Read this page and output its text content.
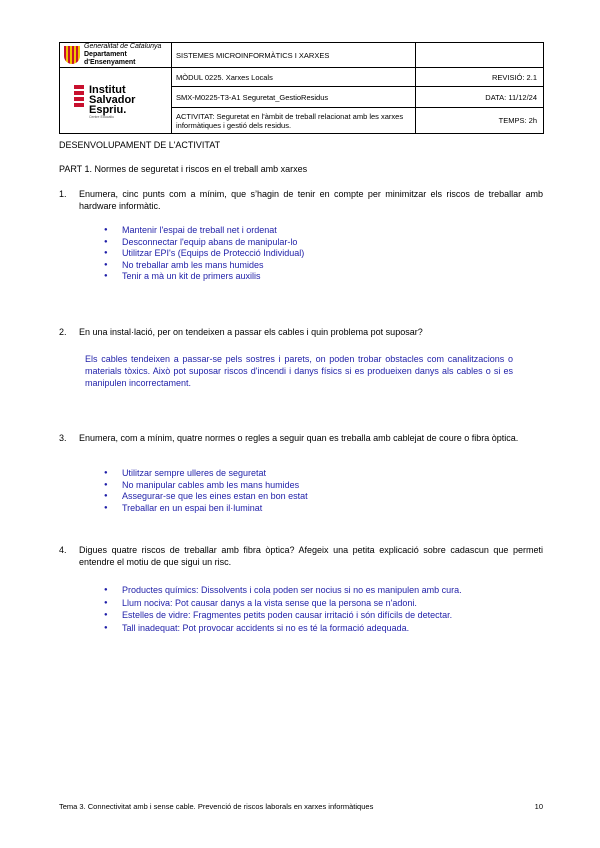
Generalitat de Catalunya
Departament
d'Ensenyament	SISTEMES MICROINFORMÀTICS I XARXES	

Institut
Salvador
Espriu.
Centre Educatiu	MÒDUL 0225. Xarxes Locals	REVISIÓ: 2.1
	SMX-M0225-T3-A1 Seguretat_GestioResidus	DATA: 11/12/24
	ACTIVITAT: Seguretat en l'àmbit de treball relacionat amb les xarxes informàtiques i gestió dels residus.	TEMPS: 2h
DESENVOLUPAMENT DE L'ACTIVITAT
PART 1. Normes de seguretat i riscos en el treball amb xarxes
1.	Enumera, cinc punts com a mínim, que s’hagin de tenir en compte per minimitzar els riscos de treballar amb hardware informàtic.
● Mantenir l'espai de treball net i ordenat
● Desconnectar l'equip abans de manipular-lo
● Utilitzar EPI's (Equips de Protecció Individual)
● No treballar amb les mans humides
● Tenir a mà un kit de primers auxilis
2.	En una instal·lació, per on tendeixen a passar els cables i quin problema pot suposar?
Els cables tendeixen a passar-se pels sostres i parets, on poden trobar obstacles com canalitzacions o materials tòxics. Això pot suposar riscos d'incendi i danys físics si es produeixen danys als cables o si es manipulen incorrectament.
3.	Enumera, com a mínim, quatre normes o regles a seguir quan es treballa amb cablejat de coure o fibra òptica.
● Utilitzar sempre ulleres de seguretat
● No manipular cables amb les mans humides
● Assegurar-se que les eines estan en bon estat
● Treballar en un espai ben il·luminat
4.	Digues quatre riscos de treballar amb fibra òptica? Afegeix una petita explicació sobre cadascun que permeti entendre el motiu de que sigui un risc.
● Productes químics: Dissolvents i cola poden ser nocius si no es manipulen amb cura.
● Llum nociva: Pot causar danys a la vista sense que la persona se n'adoni.
● Estelles de vidre: Fragmentes petits poden causar irritació i són difícils de detectar.
● Tall inadequat: Pot provocar accidents si no es té la formació adequada.
Tema 3. Connectivitat amb i sense cable. Prevenció de riscos laborals en xarxes informàtiques	10
